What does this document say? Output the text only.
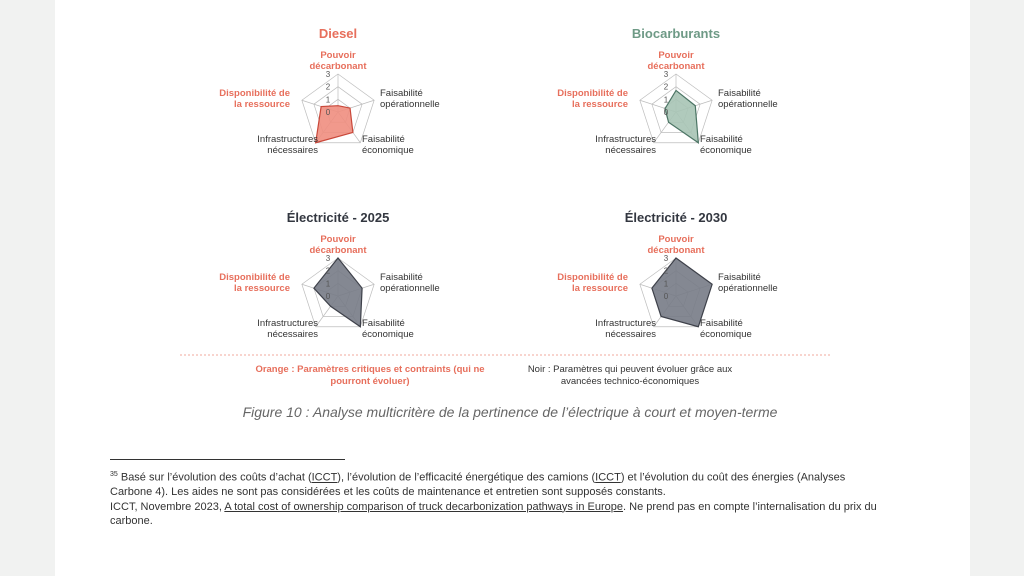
Diesel
0
1
2
3
Pouvoir décarbonant
Faisabilité opérationnelle
Faisabilité économique
Infrastructures nécessaires
Disponibilité de la ressource
Biocarburants
0
1
2
3
Pouvoir décarbonant
Faisabilité opérationnelle
Faisabilité économique
Infrastructures nécessaires
Disponibilité de la ressource
Électricité - 2025
0
1
2
3
Pouvoir décarbonant
Faisabilité opérationnelle
Faisabilité économique
Infrastructures nécessaires
Disponibilité de la ressource
Électricité - 2030
0
1
2
3
Pouvoir décarbonant
Faisabilité opérationnelle
Faisabilité économique
Infrastructures nécessaires
Disponibilité de la ressource
Orange : Paramètres critiques et contraints (qui ne pourront évoluer)
Noir : Paramètres qui peuvent évoluer grâce aux avancées technico-économiques
Figure 10 : Analyse multicritère de la pertinence de l’électrique à court et moyen-terme

$^{35}$ Basé sur l’évolution des coûts d’achat (ICCT), l’évolution de l’efficacité énergétique des camions (ICCT) et l’évolution du coût des énergies (Analyses Carbone 4). Les aides ne sont pas considérées et les coûts de maintenance et entretien sont supposés constants.

ICCT, Novembre 2023, A total cost of ownership comparison of truck decarbonization pathways in Europe. Ne prend pas en compte l’internalisation du prix du carbone.
